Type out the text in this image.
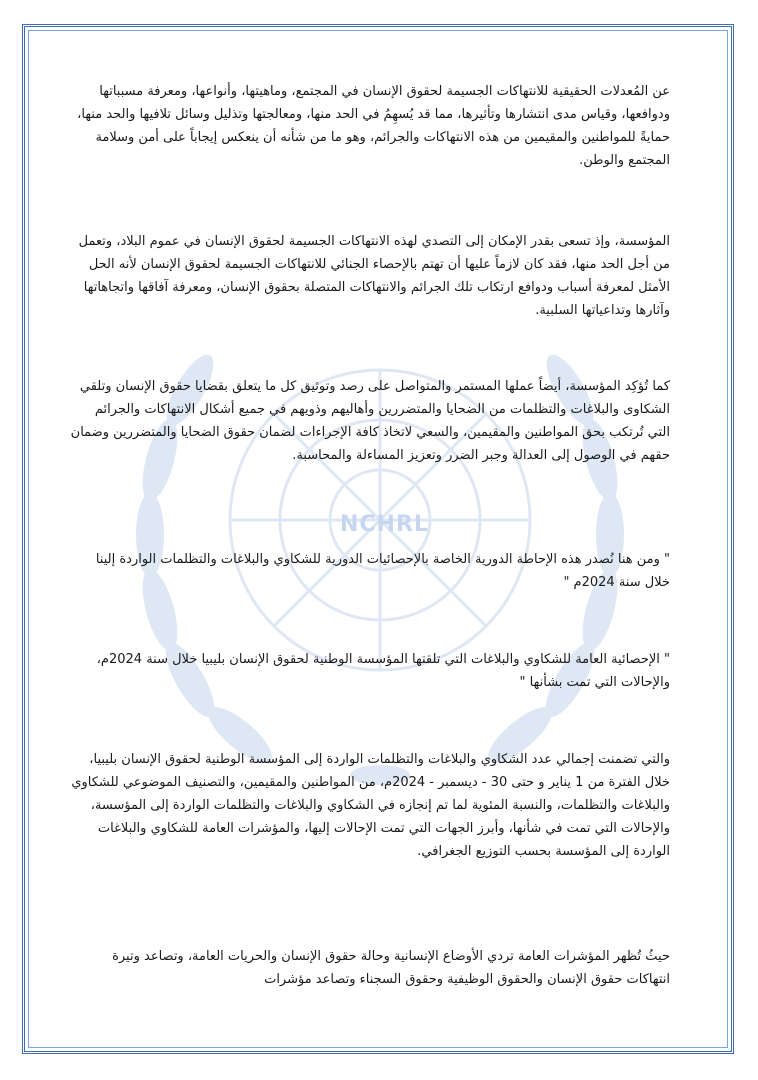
NCHRL

عن المُعدلات الحقيقية للانتهاكات الجسيمة لحقوق الإنسان في المجتمع، وماهيتها، وأنواعها، ومعرفة مسبباتها ودوافعها، وقياس مدى انتشارها وتأثيرها، مما قد يُسهِمُ في الحد منها، ومعالجتها وتذليل وسائل تلافيها والحد منها، حمايةً للمواطنين والمقيمين من هذه الانتهاكات والجرائم، وهو ما من شأنه أن ينعكس إيجاباً على أمن وسلامة المجتمع والوطن.

المؤسسة، وإذ تسعى بقدر الإمكان إلى التصدي لهذه الانتهاكات الجسيمة لحقوق الإنسان في عموم البلاد، وتعمل من أجل الحد منها، فقد كان لازماً عليها أن تهتم بالإحصاء الجنائي للانتهاكات الجسيمة لحقوق الإنسان لأنه الحل الأمثل لمعرفة أسباب ودوافع ارتكاب تلك الجرائم والانتهاكات المتصلة بحقوق الإنسان، ومعرفة آفاقها واتجاهاتها وآثارها وتداعياتها السلبية.

كما تُؤكِد المؤسسة، أيضاً عملها المستمر والمتواصل على رصد وتوثيق كل ما يتعلق بقضايا حقوق الإنسان وتلقي الشكاوى والبلاغات والتظلمات من الضحايا والمتضررين وأهاليهم وذويهم في جميع أشكال الانتهاكات والجرائم التي تُرتكب بحق المواطنين والمقيمين، والسعي لاتخاذ كافة الإجراءات لضمان حقوق الضحايا والمتضررين وضمان حقهم في الوصول إلى العدالة وجبر الضرر وتعزيز المساءلة والمحاسبة.

" ومن هنا نُصدر هذه الإحاطة الدورية الخاصة بالإحصائيات الدورية للشكاوي والبلاغات والتظلمات الواردة إلينا خلال سنة 2024م "

" الإحصائية العامة للشكاوي والبلاغات التي تلقتها المؤسسة الوطنية لحقوق الإنسان بليبيا خلال سنة 2024م، والإحالات التي تمت بشأنها "

والتي تضمنت إجمالي عدد الشكاوي والبلاغات والتظلمات الواردة إلى المؤسسة الوطنية لحقوق الإنسان بليبيا، خلال الفترة من 1 يناير و حتى 30 - ديسمبر - 2024م، من المواطنين والمقيمين، والتصنيف الموضوعي للشكاوي والبلاغات والتظلمات، والنسبة المئوية لما تم إنجازه في الشكاوي والبلاغات والتظلمات الواردة إلى المؤسسة، والإحالات التي تمت في شأنها، وأبرز الجهات التي تمت الإحالات إليها، والمؤشرات العامة للشكاوي والبلاغات الواردة إلى المؤسسة بحسب التوزيع الجغرافي.

حيثُ تُظهر المؤشرات العامة تردي الأوضاع الإنسانية وحالة حقوق الإنسان والحريات العامة، وتصاعد وتيرة انتهاكات حقوق الإنسان والحقوق الوظيفية وحقوق السجناء وتصاعد مؤشرات
